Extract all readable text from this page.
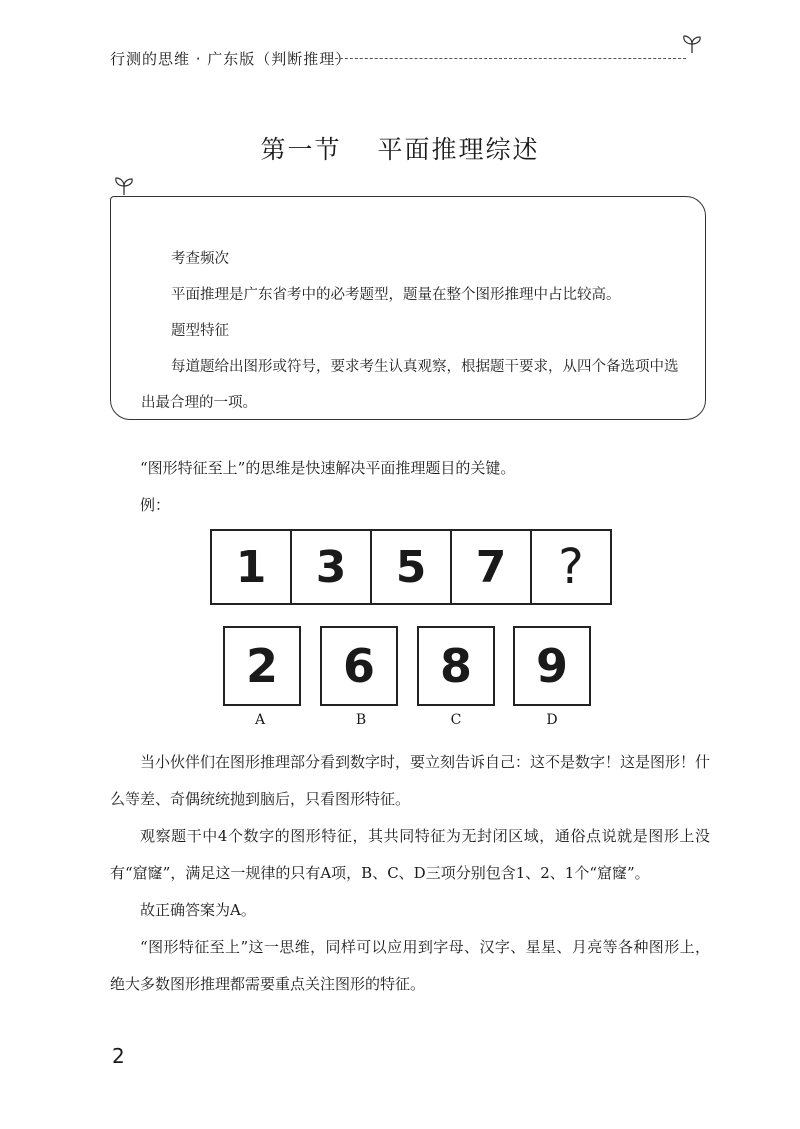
行测的思维 · 广东版（判断推理）
第一节 平面推理综述

考查频次

平面推理是广东省考中的必考题型，题量在整个图形推理中占比较高。

题型特征

每道题给出图形或符号，要求考生认真观察，根据题干要求，从四个备选项中选出最合理的一项。

“图形特征至上”的思维是快速解决平面推理题目的关键。

例：

1	3	5	7	?
2	6	8	9
A	B	C	D

当小伙伴们在图形推理部分看到数字时，要立刻告诉自己：这不是数字！这是图形！什么等差、奇偶统统抛到脑后，只看图形特征。

观察题干中4个数字的图形特征，其共同特征为无封闭区域，通俗点说就是图形上没有“窟窿”，满足这一规律的只有A项，B、C、D三项分别包含1、2、1个“窟窿”。

故正确答案为A。

“图形特征至上”这一思维，同样可以应用到字母、汉字、星星、月亮等各种图形上，绝大多数图形推理都需要重点关注图形的特征。

2
